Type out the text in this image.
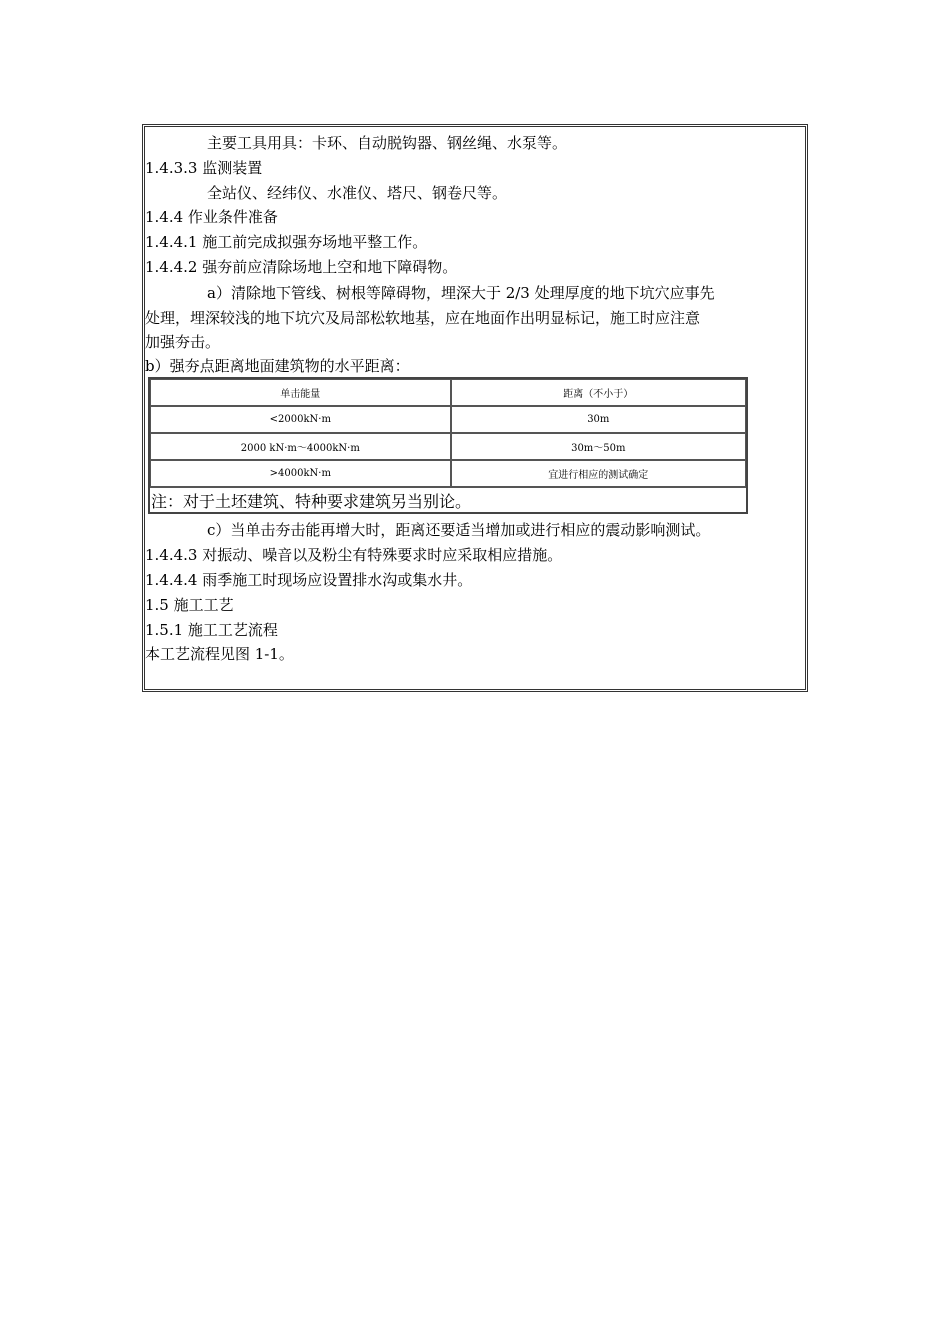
主要工具用具：卡环、自动脱钩器、钢丝绳、水泵等。
1.4.3.3 监测装置
全站仪、经纬仪、水准仪、塔尺、钢卷尺等。
1.4.4 作业条件准备
1.4.4.1 施工前完成拟强夯场地平整工作。
1.4.4.2 强夯前应清除场地上空和地下障碍物。
a）清除地下管线、树根等障碍物，埋深大于 2/3 处理厚度的地下坑穴应事先
处理，埋深较浅的地下坑穴及局部松软地基，应在地面作出明显标记，施工时应注意
加强夯击。
b）强夯点距离地面建筑物的水平距离：
单击能量	距离（不小于）
<2000kN·m	30m
2000 kN·m～4000kN·m	30m～50m
>4000kN·m	宜进行相应的测试确定
注：对于土坯建筑、特种要求建筑另当别论。	
c）当单击夯击能再增大时，距离还要适当增加或进行相应的震动影响测试。
1.4.4.3 对振动、噪音以及粉尘有特殊要求时应采取相应措施。
1.4.4.4 雨季施工时现场应设置排水沟或集水井。
1.5 施工工艺
1.5.1 施工工艺流程
本工艺流程见图 1-1。
